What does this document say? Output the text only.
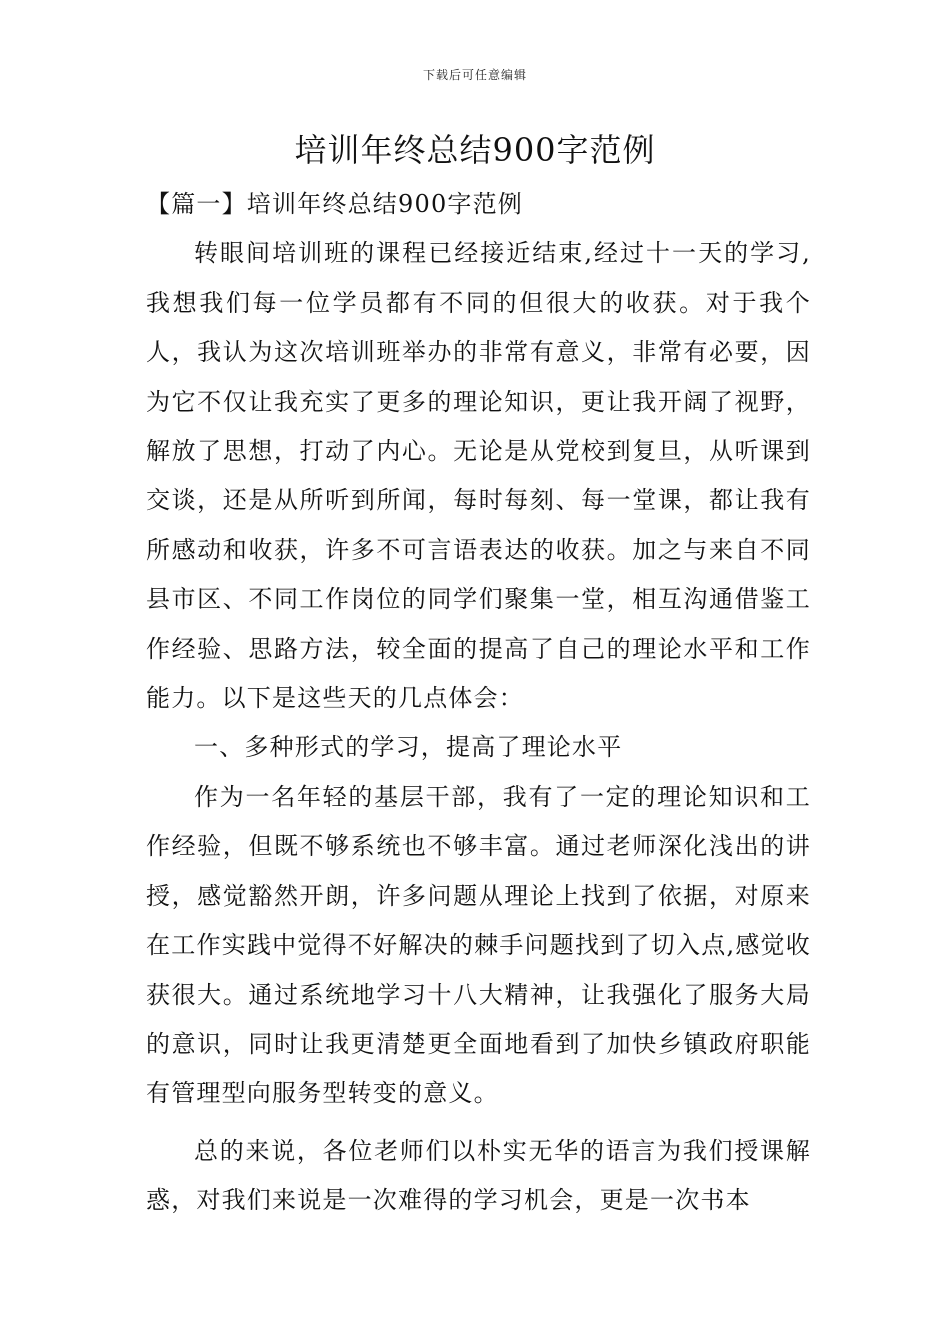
下载后可任意编辑
培训年终总结900字范例

【篇一】培训年终总结900字范例

转眼间培训班的课程已经接近结束,经过十一天的学习,我想我们每一位学员都有不同的但很大的收获。对于我个人，我认为这次培训班举办的非常有意义，非常有必要，因为它不仅让我充实了更多的理论知识，更让我开阔了视野，解放了思想，打动了内心。无论是从党校到复旦，从听课到交谈，还是从所听到所闻，每时每刻、每一堂课，都让我有所感动和收获，许多不可言语表达的收获。加之与来自不同县市区、不同工作岗位的同学们聚集一堂，相互沟通借鉴工作经验、思路方法，较全面的提高了自己的理论水平和工作能力。以下是这些天的几点体会：

一、多种形式的学习，提高了理论水平

作为一名年轻的基层干部，我有了一定的理论知识和工作经验，但既不够系统也不够丰富。通过老师深化浅出的讲授，感觉豁然开朗，许多问题从理论上找到了依据，对原来在工作实践中觉得不好解决的棘手问题找到了切入点,感觉收获很大。通过系统地学习十八大精神，让我强化了服务大局的意识，同时让我更清楚更全面地看到了加快乡镇政府职能有管理型向服务型转变的意义。

总的来说，各位老师们以朴实无华的语言为我们授课解惑，对我们来说是一次难得的学习机会，更是一次书本
